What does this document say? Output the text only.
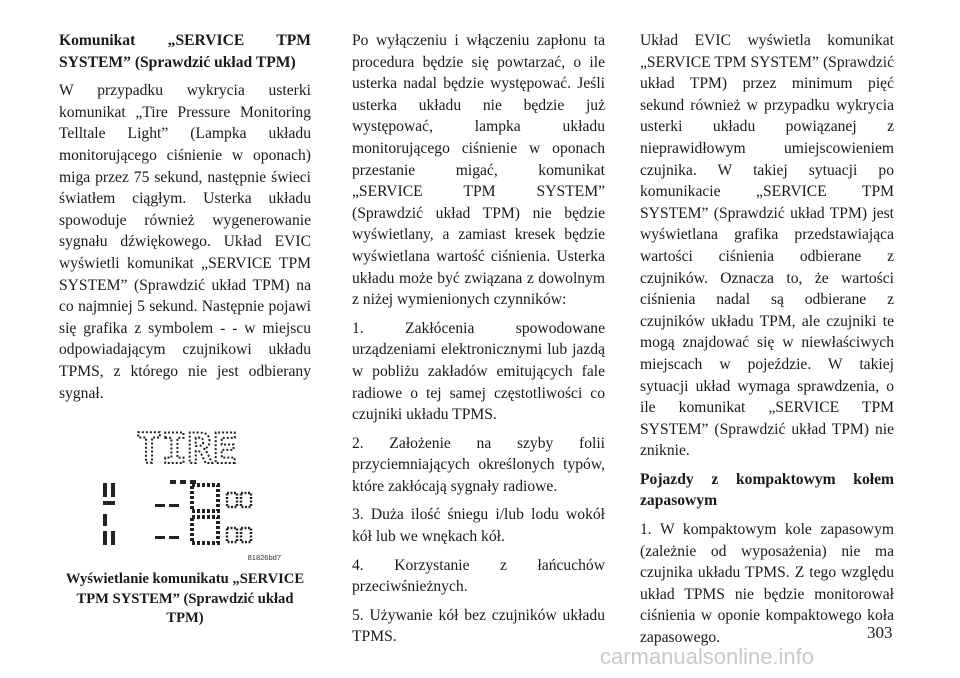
Komunikat „SERVICE TPM SYSTEM” (Sprawdzić układ TPM)

W przypadku wykrycia usterki komunikat „Tire Pressure Monitoring Telltale Light” (Lampka układu monitorującego ciśnienie w oponach) miga przez 75 sekund, następnie świeci światłem ciągłym. Usterka układu spowoduje również wygenerowanie sygnału dźwiękowego. Układ EVIC wyświetli komunikat „SERVICE TPM SYSTEM” (Sprawdzić układ TPM) na co najmniej 5 sekund. Następnie pojawi się grafika z symbolem - - w miejscu odpowiadającym czujnikowi układu TPMS, z którego nie jest odbierany sygnał.

TIRE
81826bd7

Wyświetlanie komunikatu „SERVICE TPM SYSTEM” (Sprawdzić układ TPM)

Po wyłączeniu i włączeniu zapłonu ta procedura będzie się powtarzać, o ile usterka nadal będzie występować. Jeśli usterka układu nie będzie już występować, lampka układu monitorującego ciśnienie w oponach przestanie migać, komunikat „SERVICE TPM SYSTEM” (Sprawdzić układ TPM) nie będzie wyświetlany, a zamiast kresek będzie wyświetlana wartość ciśnienia. Usterka układu może być związana z dowolnym z niżej wymienionych czynników:

1. Zakłócenia spowodowane urządzeniami elektronicznymi lub jazdą w pobliżu zakładów emitujących fale radiowe o tej samej częstotliwości co czujniki układu TPMS.

2. Założenie na szyby folii przyciemniających określonych typów, które zakłócają sygnały radiowe.

3. Duża ilość śniegu i/lub lodu wokół kół lub we wnękach kół.

4. Korzystanie z łańcuchów przeciwśnieżnych.

5. Używanie kół bez czujników układu TPMS.

Układ EVIC wyświetla komunikat „SERVICE TPM SYSTEM” (Sprawdzić układ TPM) przez minimum pięć sekund również w przypadku wykrycia usterki układu powiązanej z nieprawidłowym umiejscowieniem czujnika. W takiej sytuacji po komunikacie „SERVICE TPM SYSTEM” (Sprawdzić układ TPM) jest wyświetlana grafika przedstawiająca wartości ciśnienia odbierane z czujników. Oznacza to, że wartości ciśnienia nadal są odbierane z czujników układu TPM, ale czujniki te mogą znajdować się w niewłaściwych miejscach w pojeździe. W takiej sytuacji układ wymaga sprawdzenia, o ile komunikat „SERVICE TPM SYSTEM” (Sprawdzić układ TPM) nie zniknie.

Pojazdy z kompaktowym kołem zapasowym

1. W kompaktowym kole zapasowym (zależnie od wyposażenia) nie ma czujnika układu TPMS. Z tego względu układ TPMS nie będzie monitorował ciśnienia w oponie kompaktowego koła zapasowego.	303
carmanualsonline.info
